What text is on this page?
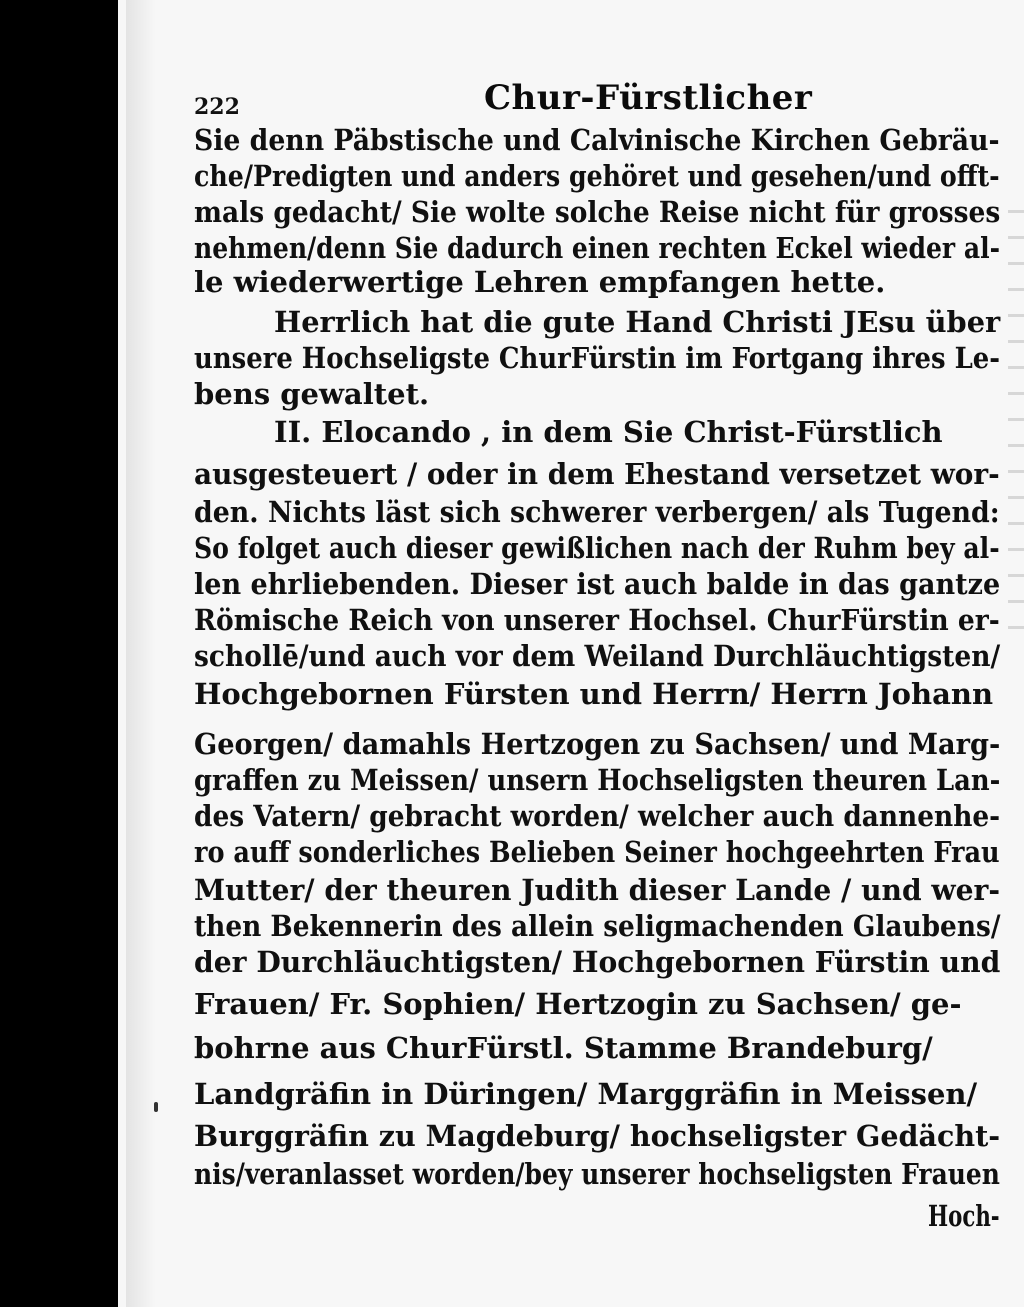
222	Chur-Fürstlicher
Sie denn Päbstische und Calvinische Kirchen Gebräu-
che/Predigten und anders gehöret und gesehen/und offt-
mals gedacht/ Sie wolte solche Reise nicht für grosses
nehmen/denn Sie dadurch einen rechten Eckel wieder al-
le wiederwertige Lehren empfangen hette.
Herrlich hat die gute Hand Christi JEsu über
unsere Hochseligste ChurFürstin im Fortgang ihres Le-
bens gewaltet.
II. Elocando , in dem Sie Christ-Fürstlich
ausgesteuert / oder in dem Ehestand versetzet wor-
den. Nichts läst sich schwerer verbergen/ als Tugend:
So folget auch dieser gewißlichen nach der Ruhm bey al-
len ehrliebenden. Dieser ist auch balde in das gantze
Römische Reich von unserer Hochsel. ChurFürstin er-
schollē/und auch vor dem Weiland Durchläuchtigsten/
Hochgebornen Fürsten und Herrn/ Herrn Johann
Georgen/ damahls Hertzogen zu Sachsen/ und Marg-
graffen zu Meissen/ unsern Hochseligsten theuren Lan-
des Vatern/ gebracht worden/ welcher auch dannenhe-
ro auff sonderliches Belieben Seiner hochgeehrten Frau
Mutter/ der theuren Judith dieser Lande / und wer-
then Bekennerin des allein seligmachenden Glaubens/
der Durchläuchtigsten/ Hochgebornen Fürstin und
Frauen/ Fr. Sophien/ Hertzogin zu Sachsen/ ge-
bohrne aus ChurFürstl. Stamme Brandeburg/
Landgräfin in Düringen/ Marggräfin in Meissen/
Burggräfin zu Magdeburg/ hochseligster Gedächt-
nis/veranlasset worden/bey unserer hochseligsten Frauen
Hoch-
